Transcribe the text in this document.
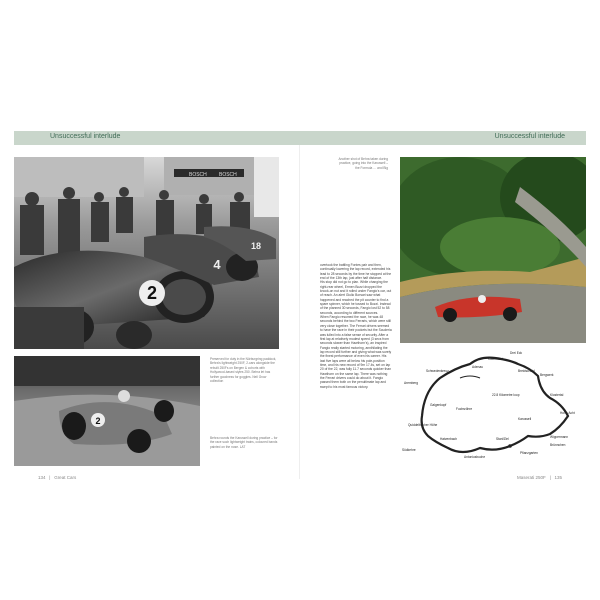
Unsuccessful interlude	Unsuccessful interlude
2
4
18
BOSCH BOSCH
2
Preserved for duty in the Nürburgring paddock, Behra's lightweight 250F, 2-cars alongside the rebuilt 250Fs on Bergen & cohorts with Hollywood-based styles 250. Behra let has further goodness for goggles. Neil Grow collection
Behra rounds the Karussell during practice – for the race such lightweight trains, coloured bands painted on the nose. LAT
Another shot of Behra taken during practice, going into the Karussell – the Formula … and Big
overtook the battling Fontes pair and then, continually lowering the lap record, extended his lead to 28 seconds by the time he stopped at the end of the 13th lap, just after half distance.
His stop did not go to plan. While changing the right-rear wheel, Ermen Bozzi dropped the knock-on nut and it rolled under Fangio's car, out of reach. An alert Giulio Borsari saw what happened and reached the pit counter to find a spare spinner, which he tossed to Bozzi. Instead of the planned 30 seconds, Fangio lost 52 to 58 seconds, according to different sources.
When Fangio resumed the race, he was 48 seconds behind the two Ferraris, which were still very close together. The Ferrari drivers seemed to have the race in their pockets but the Scuderia was lulled into a false sense of security. After a first lap at relatively modest speed (3 secs from seconds slower than Hawthorn's), an inspired Fangio really started motoring, annihilating the lap record still further and giving what was surely the finest performance of even his career. His last five laps were all below his pole-position time, and his new record of 9m 17.4s, set on lap 20 of the 22, was fully 11.7 seconds quicker than Hawthorn on the same lap. There was nothing the Ferrari drivers could do about it. Fangio passed them both on the penultimate lap and swept to his most famous victory.
Kallenhard
Drei Eck
Adenau
Breidscheid
Bergwerk
Klostertal
Hohe Acht
Wippermann
Karussell
22.8 Kilometre loop
Aremberg
Schwedenkreuz
Fuchsröhre
Galgenkopf
Quiddelbacher Höhe
Hatzenbach
Südkehre
Antoniusbuche
Brünnchen
Pflanzgarten
Start/Ziel
134   |   Great Cars	Maserati 250F   |   135
